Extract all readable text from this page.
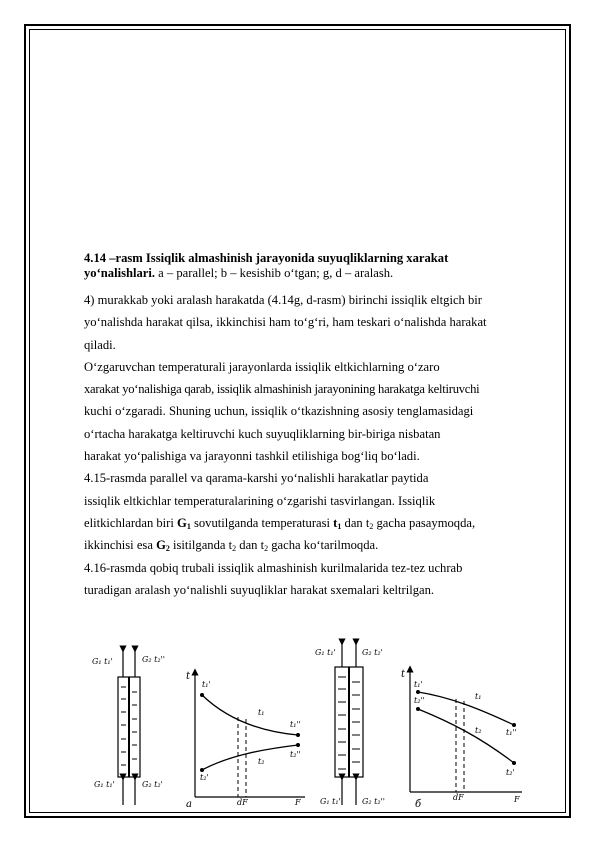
4.14 –rasm Issiqlik almashinish jarayonida suyuqliklarning xarakat
yo‘nalishlari. a – parallel; b – kesishib o‘tgan; g, d – aralash.

4) murakkab yoki aralash harakatda (4.14g, d-rasm) birinchi issiqlik eltgich bir

yo‘nalishda harakat qilsa, ikkinchisi ham to‘g‘ri, ham teskari o‘nalishda harakat

qiladi.

O‘zgaruvchan temperaturali jarayonlarda issiqlik eltkichlarning o‘zaro

xarakat yo‘nalishiga qarab, issiqlik almashinish jarayonining harakatga keltiruvchi

kuchi o‘zgaradi. Shuning uchun, issiqlik o‘tkazishning asosiy tenglamasidagi

o‘rtacha harakatga keltiruvchi kuch suyuqliklarning bir-biriga nisbatan

harakat yo‘palishiga va jarayonni tashkil etilishiga bog‘liq bo‘ladi.

4.15-rasmda parallel va qarama-karshi yo‘nalishli harakatlar paytida

issiqlik eltkichlar temperaturalarining o‘zgarishi tasvirlangan. Issiqlik

elitkichlardan biri $G_1$ sovutilganda temperaturasi $t_1$ dan $t_2$ gacha pasaymoqda,

ikkinchisi esa $G_2$ isitilganda $t_2$ dan $t_2$ gacha ko‘tarilmoqda.

4.16-rasmda qobiq trubali issiqlik almashinish kurilmalarida tez-tez uchrab

turadigan aralash yo‘nalishli suyuqliklar harakat sxemalari keltrilgan.

G₁ t₁'	G₂ t₂''
G₁ t₁'	G₂ t₂'
t
F
t₁'
t₁
t₁''
t₂'
t₂
t₂''
dF
a
G₁ t₁'	G₂ t₂'
G₁ t₁'	G₂ t₂''
t
F
t₁'
t₁
t₁''
t₂''
t₂
t₂'
dF
б
